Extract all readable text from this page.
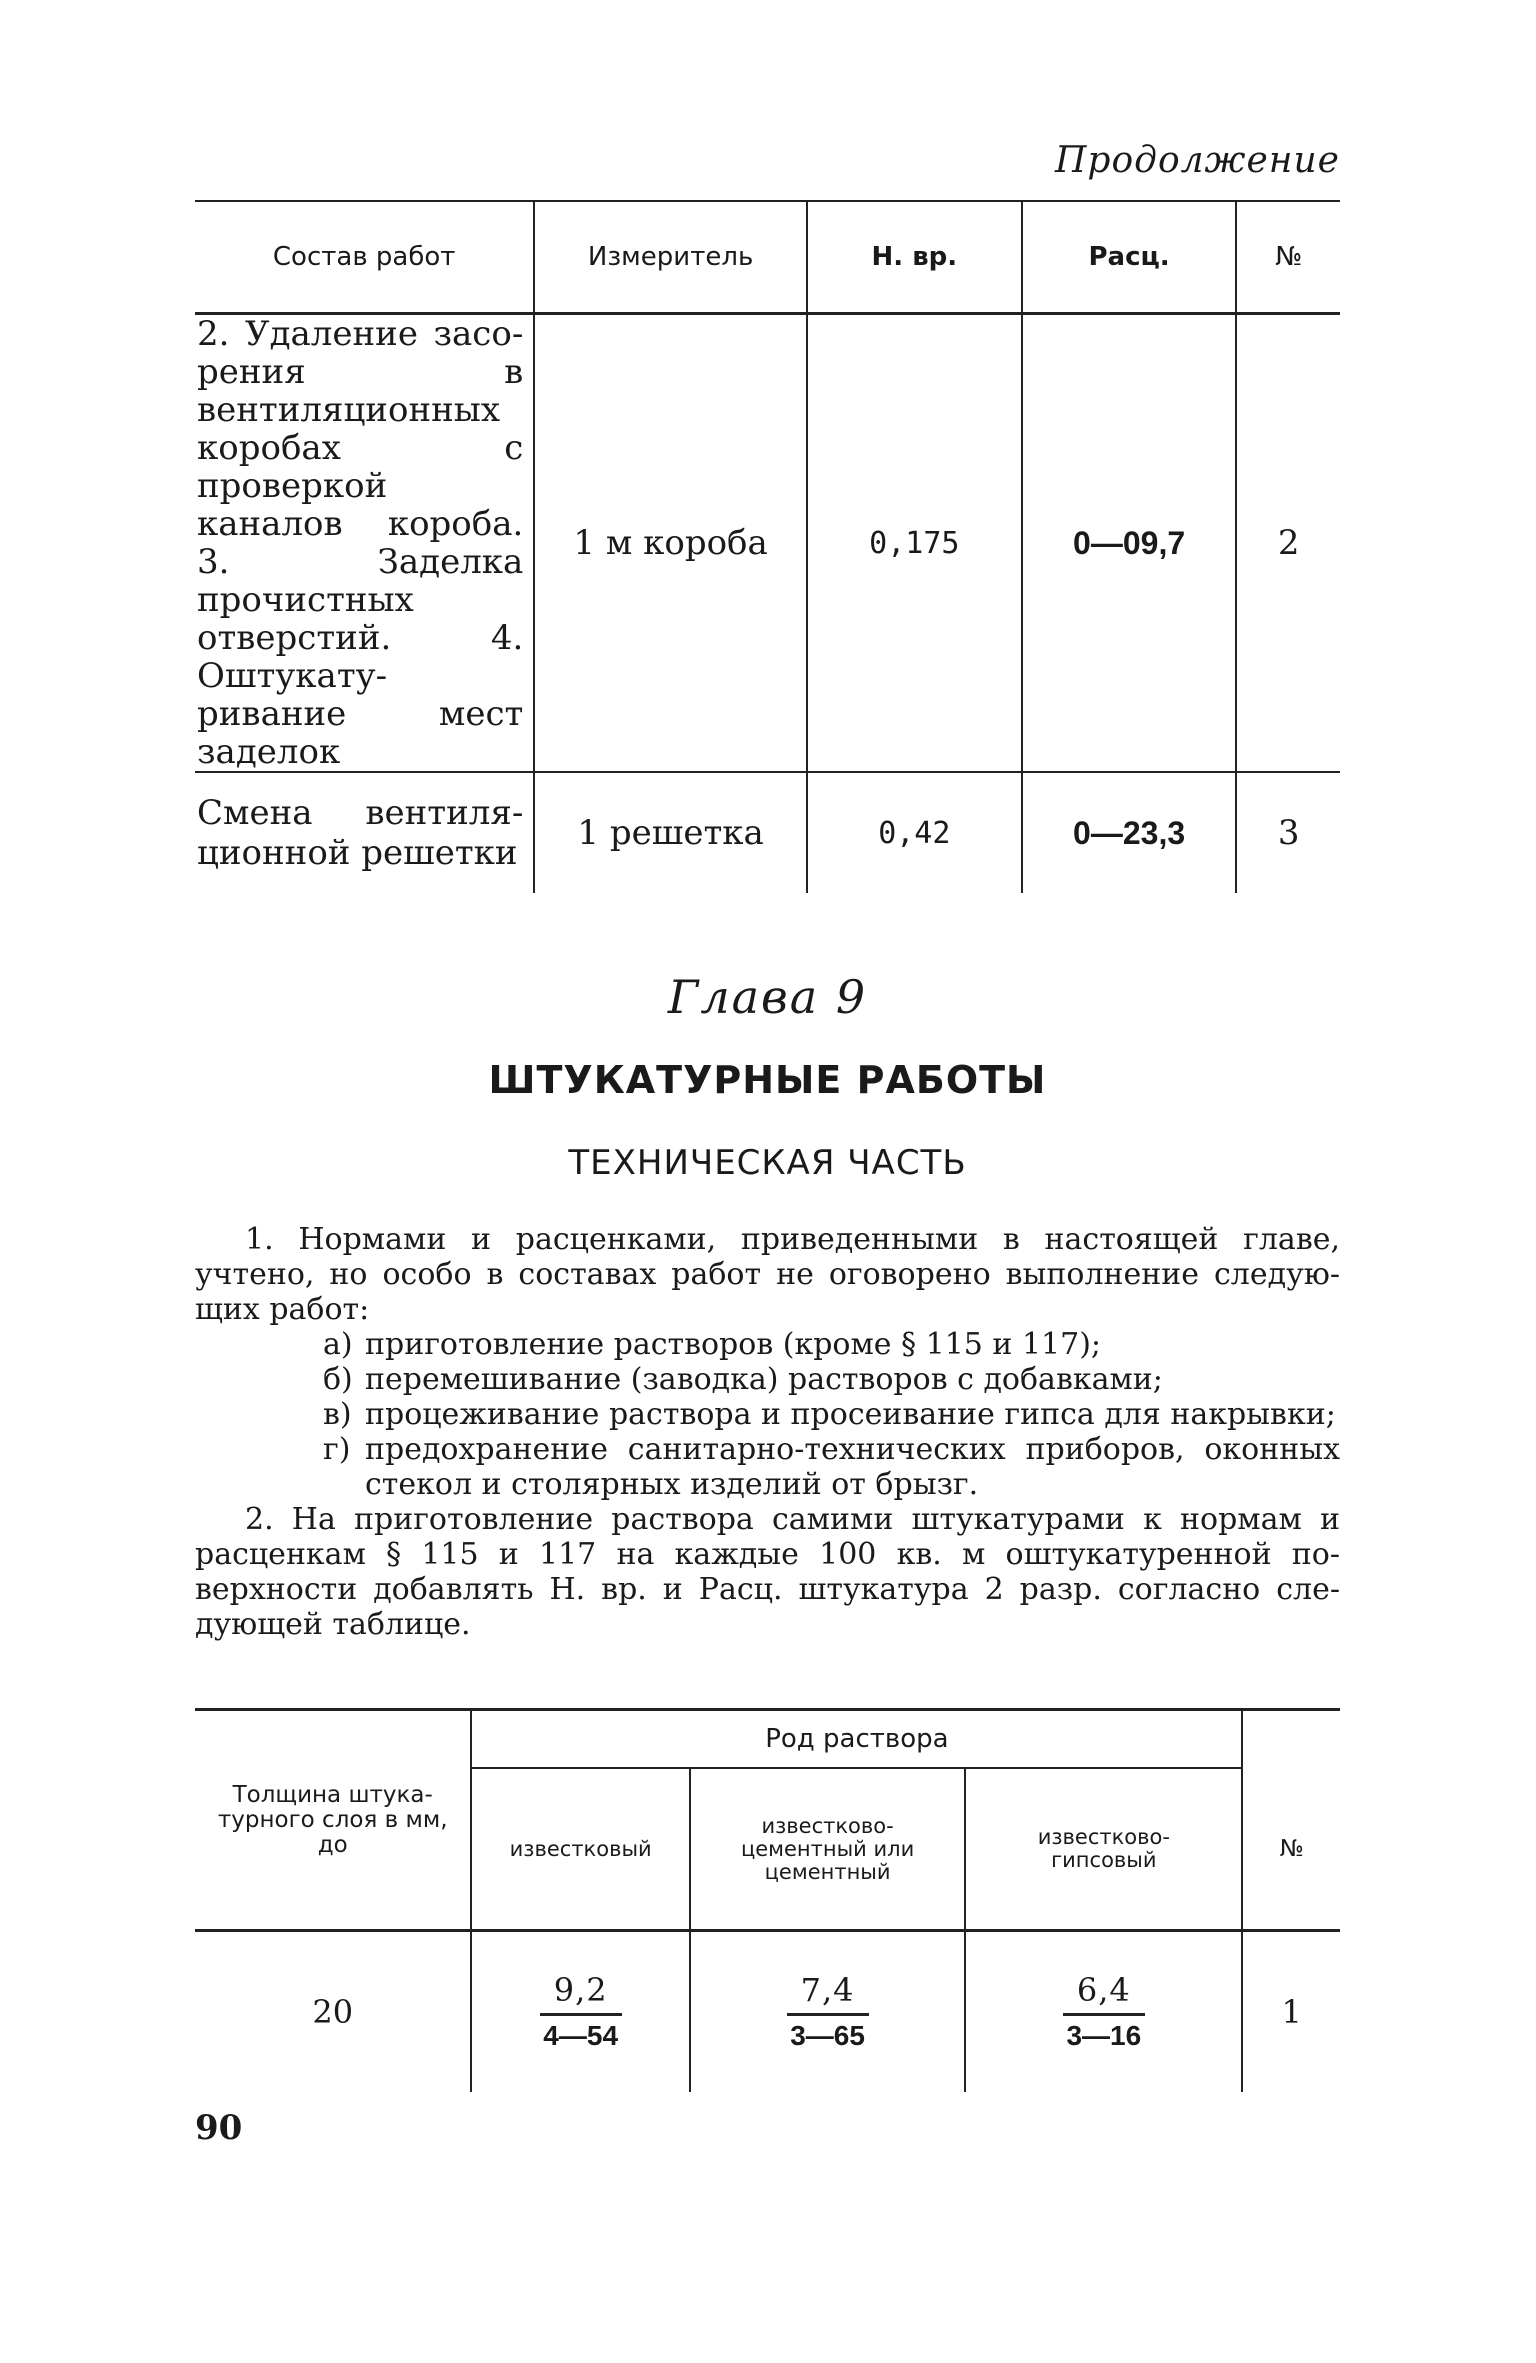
Продолжение
Состав работ	Измеритель	Н. вр.	Расц.	№

2. Удаление засорения в вентиляционных коробах с проверкой каналов короба. 3. Заделка прочистных отверстий. 4. Оштукатуривание мест заделок	1 м короба	0,175	0—09,7	2

Смена вентиляционной решетки	1 решетка	0,42	0—23,3	3
Глава 9
ШТУКАТУРНЫЕ РАБОТЫ
ТЕХНИЧЕСКАЯ ЧАСТЬ

1. Нормами и расценками, приведенными в настоящей главе, учтено, но особо в составах работ не оговорено выполнение следующих работ:

а) приготовление растворов (кроме § 115 и 117);
б) перемешивание (заводка) растворов с добавками;
в) процеживание раствора и просеивание гипса для накрывки;
г) предохранение санитарно-технических приборов, оконных стекол и столярных изделий от брызг.

2. На приготовление раствора самими штукатурами к нормам и расценкам § 115 и 117 на каждые 100 кв. м оштукатуренной поверхности добавлять Н. вр. и Расц. штукатура 2 разр. согласно следующей таблице.

Толщина штукатурного слоя в мм, до	Род раствора			№

	известковый	известковоцементный или цементный	известковогипсовый	

20	$\frac{9,2}{4—54}$	$\frac{7,4}{3—65}$	$\frac{6,4}{3—16}$	1
90
